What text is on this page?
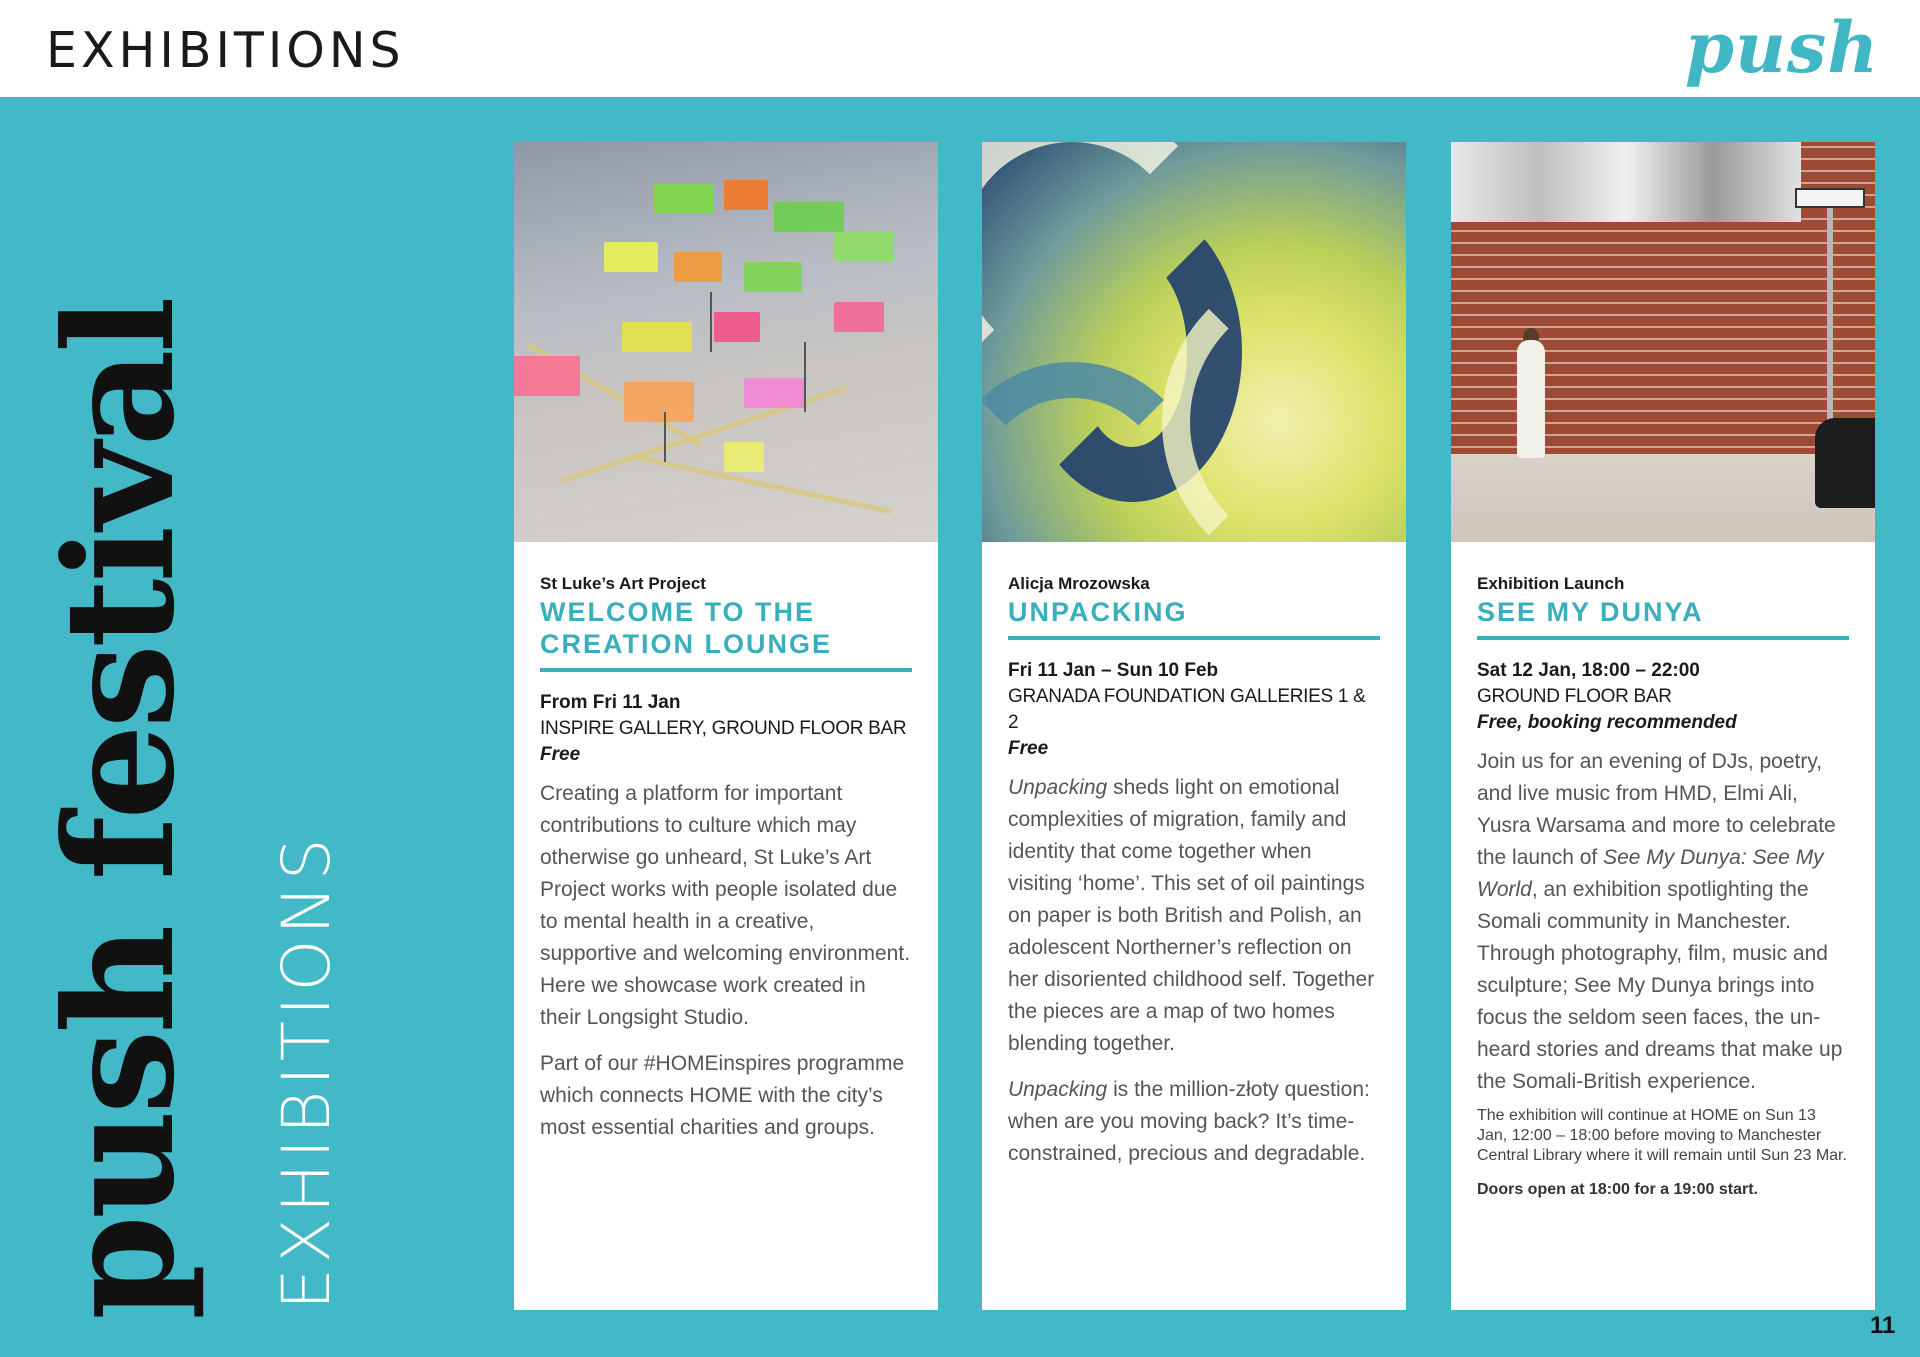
EXHIBITIONS	push
push festival EXHIBITIONS
St Luke’s Art Project
WELCOME TO THE CREATION LOUNGE
From Fri 11 Jan
INSPIRE GALLERY, GROUND FLOOR BAR
Free

Creating a platform for important contributions to culture which may otherwise go unheard, St Luke’s Art Project works with people isolated due to mental health in a creative, supportive and welcoming environment. Here we showcase work created in their Longsight Studio.

Part of our #HOMEinspires programme which connects HOME with the city’s most essential charities and groups.

Alicja Mrozowska
UNPACKING
Fri 11 Jan – Sun 10 Feb
GRANADA FOUNDATION GALLERIES 1 & 2
Free

Unpacking sheds light on emotional complexities of migration, family and identity that come together when visiting ‘home’. This set of oil paintings on paper is both British and Polish, an adolescent Northerner’s reflection on her disoriented childhood self. Together the pieces are a map of two homes blending together.

Unpacking is the million-złoty question: when are you moving back? It’s time-constrained, precious and degradable.

Exhibition Launch
SEE MY DUNYA
Sat 12 Jan, 18:00 – 22:00
GROUND FLOOR BAR
Free, booking recommended

Join us for an evening of DJs, poetry, and live music from HMD, Elmi Ali, Yusra Warsama and more to celebrate the launch of See My Dunya: See My World, an exhibition spotlighting the Somali community in Manchester. Through photography, film, music and sculpture; See My Dunya brings into focus the seldom seen faces, the un-heard stories and dreams that make up the Somali-British experience.

The exhibition will continue at HOME on Sun 13 Jan, 12:00 – 18:00 before moving to Manchester Central Library where it will remain until Sun 23 Mar.

Doors open at 18:00 for a 19:00 start.

11
